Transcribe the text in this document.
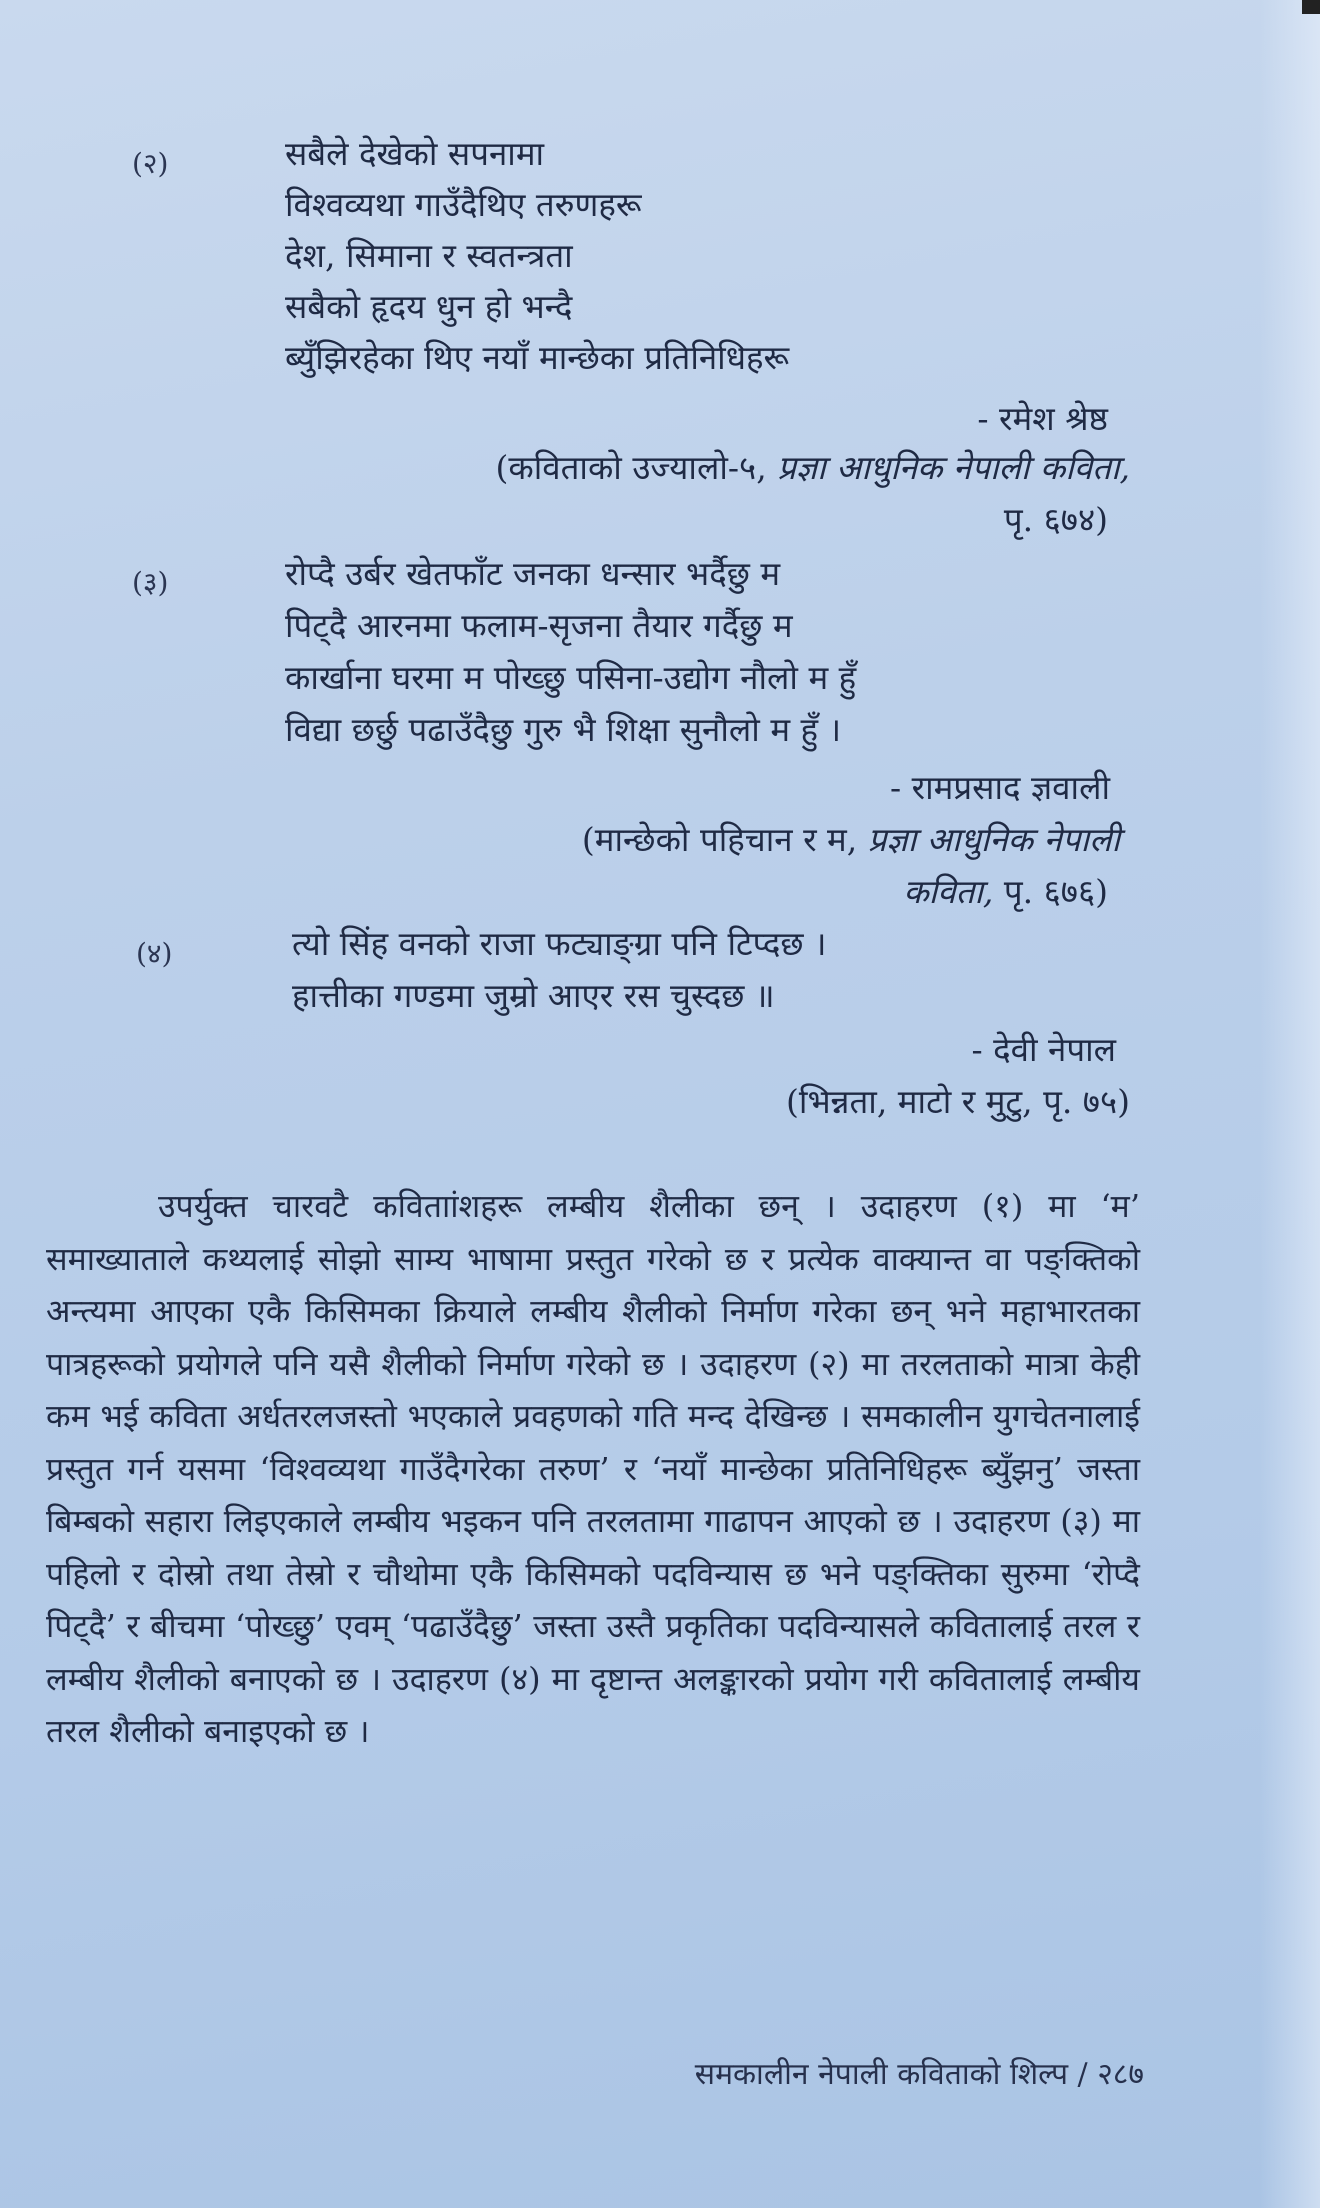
(२)	सबैले देखेको सपनामा
विश्वव्यथा गाउँदैथिए तरुणहरू
देश, सिमाना र स्वतन्त्रता
सबैको हृदय धुन हो भन्दै
ब्युँझिरहेका थिए नयाँ मान्छेका प्रतिनिधिहरू
- रमेश श्रेष्ठ
(कविताको उज्यालो-५, प्रज्ञा आधुनिक नेपाली कविता,
पृ. ६७४)
(३)	रोप्दै उर्बर खेतफाँट जनका धन्सार भर्दैछु म
पिट्दै आरनमा फलाम-सृजना तैयार गर्दैछु म
कार्खाना घरमा म पोख्छु पसिना-उद्योग नौलो म हुँ
विद्या छर्छु पढाउँदैछु गुरु भै शिक्षा सुनौलो म हुँ ।
- रामप्रसाद ज्ञवाली
(मान्छेको पहिचान र म, प्रज्ञा आधुनिक नेपाली
कविता, पृ. ६७६)
(४)	त्यो सिंह वनको राजा फट्याङ्ग्रा पनि टिप्दछ ।
हात्तीका गण्डमा जुम्रो आएर रस चुस्दछ ॥
- देवी नेपाल
(भिन्नता, माटो र मुटु, पृ. ७५)
उपर्युक्त चारवटै कविताांशहरू लम्बीय शैलीका छन् । उदाहरण (१) मा ‘म’ समाख्याताले कथ्यलाई सोझो साम्य भाषामा प्रस्तुत गरेको छ र प्रत्येक वाक्यान्त वा पङ्क्तिको अन्त्यमा आएका एकै किसिमका क्रियाले लम्बीय शैलीको निर्माण गरेका छन् भने महाभारतका पात्रहरूको प्रयोगले पनि यसै शैलीको निर्माण गरेको छ । उदाहरण (२) मा तरलताको मात्रा केही कम भई कविता अर्धतरलजस्तो भएकाले प्रवहणको गति मन्द देखिन्छ । समकालीन युगचेतनालाई प्रस्तुत गर्न यसमा ‘विश्वव्यथा गाउँदैगरेका तरुण’ र ‘नयाँ मान्छेका प्रतिनिधिहरू ब्युँझनु’ जस्ता बिम्बको सहारा लिइएकाले लम्बीय भइकन पनि तरलतामा गाढापन आएको छ । उदाहरण (३) मा पहिलो र दोस्रो तथा तेस्रो र चौथोमा एकै किसिमको पदविन्यास छ भने पङ्क्तिका सुरुमा ‘रोप्दै पिट्दै’ र बीचमा ‘पोख्छु’ एवम् ‘पढाउँदैछु’ जस्ता उस्तै प्रकृतिका पदविन्यासले कवितालाई तरल र लम्बीय शैलीको बनाएको छ । उदाहरण (४) मा दृष्टान्त अलङ्कारको प्रयोग गरी कवितालाई लम्बीय तरल शैलीको बनाइएको छ ।
समकालीन नेपाली कविताको शिल्प / २८७
